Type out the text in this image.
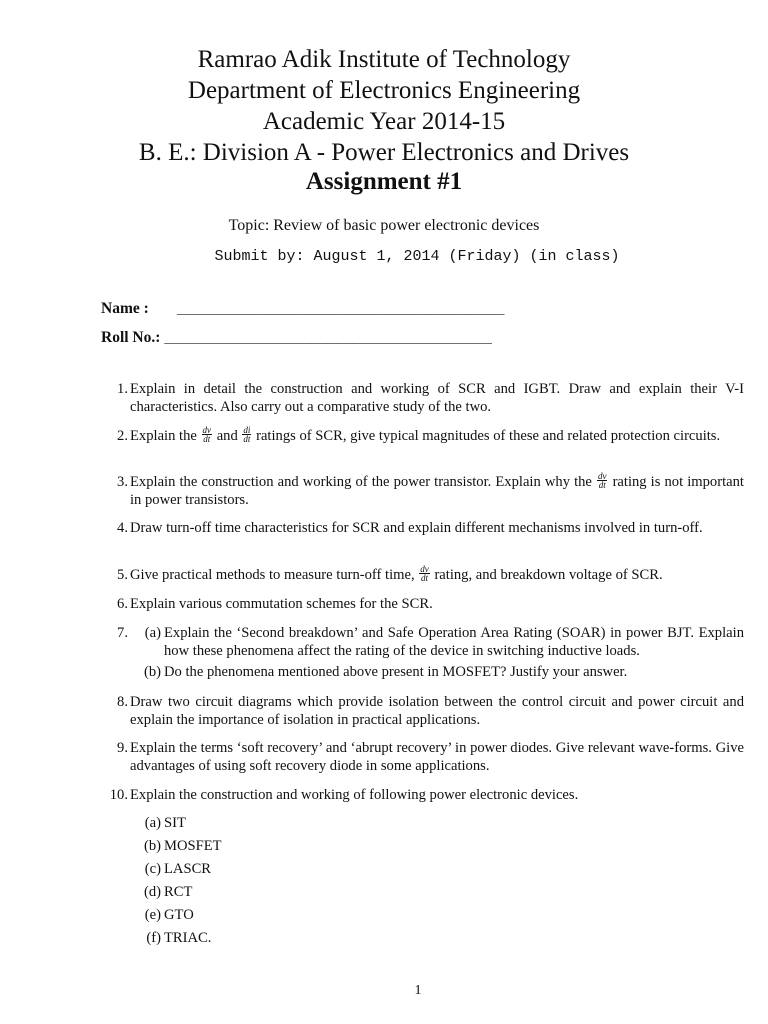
Ramrao Adik Institute of Technology
Department of Electronics Engineering
Academic Year 2014-15
B. E.: Division A - Power Electronics and Drives
Assignment #1
Topic: Review of basic power electronic devices
Submit by: August 1, 2014 (Friday) (in class)
Name : __________________________________________
Roll No.: __________________________________________
1. Explain in detail the construction and working of SCR and IGBT. Draw and explain their V-I characteristics. Also carry out a comparative study of the two.
2. Explain the $\frac{dv}{dt}$ and $\frac{di}{dt}$ ratings of SCR, give typical magnitudes of these and related protection circuits.
3. Explain the construction and working of the power transistor. Explain why the $\frac{dv}{dt}$ rating is not important in power transistors.
4. Draw turn-off time characteristics for SCR and explain different mechanisms involved in turn-off.
5. Give practical methods to measure turn-off time, $\frac{dv}{dt}$ rating, and breakdown voltage of SCR.
6. Explain various commutation schemes for the SCR.
7.	(a) Explain the ‘Second breakdown’ and Safe Operation Area Rating (SOAR) in power BJT. Explain how these phenomena affect the rating of the device in switching inductive loads.
(b) Do the phenomena mentioned above present in MOSFET? Justify your answer.
8. Draw two circuit diagrams which provide isolation between the control circuit and power circuit and explain the importance of isolation in practical applications.
9. Explain the terms ‘soft recovery’ and ‘abrupt recovery’ in power diodes. Give relevant wave-forms. Give advantages of using soft recovery diode in some applications.
10. Explain the construction and working of following power electronic devices.
(a) SIT
(b) MOSFET
(c) LASCR
(d) RCT
(e) GTO
(f) TRIAC.
1
